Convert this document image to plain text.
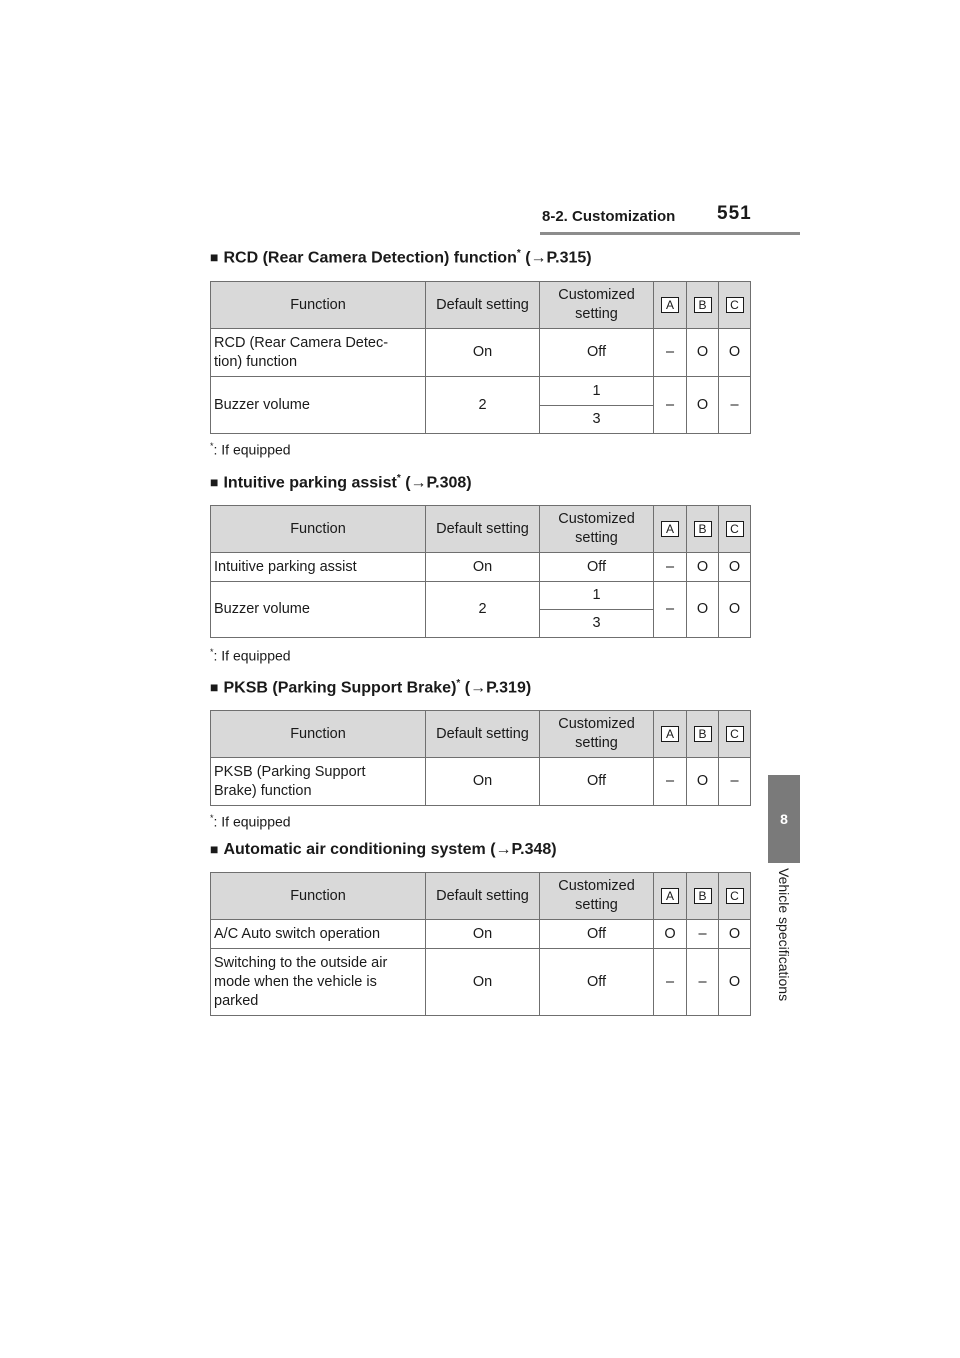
8-2. Customization 551
8
Vehicle specifications
■ RCD (Rear Camera Detection) function* (→P.315)
Function	Default setting	Customized setting	A	B	C
RCD (Rear Camera Detec-
tion) function	On	Off	–	O	O
Buzzer volume	2	1	–	O	–
		3			
*: If equipped
■ Intuitive parking assist* (→P.308)
Function	Default setting	Customized setting	A	B	C
Intuitive parking assist	On	Off	–	O	O
Buzzer volume	2	1	–	O	O
		3			
*: If equipped
■ PKSB (Parking Support Brake)* (→P.319)
Function	Default setting	Customized setting	A	B	C
PKSB (Parking Support
Brake) function	On	Off	–	O	–
*: If equipped
■ Automatic air conditioning system (→P.348)
Function	Default setting	Customized setting	A	B	C
A/C Auto switch operation	On	Off	O	–	O
Switching to the outside air
mode when the vehicle is
parked	On	Off	–	–	O
